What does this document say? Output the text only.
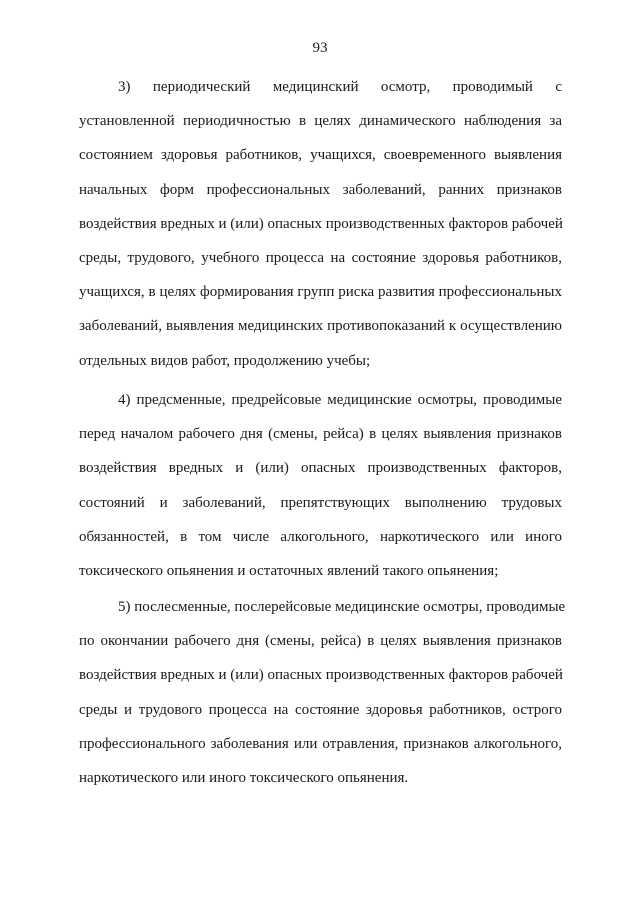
93
3) периодический медицинский осмотр, проводимый с
установленной периодичностью в целях динамического наблюдения за
состоянием здоровья работников, учащихся, своевременного выявления
начальных форм профессиональных заболеваний, ранних признаков
воздействия вредных и (или) опасных производственных факторов рабочей
среды, трудового, учебного процесса на состояние здоровья работников,
учащихся, в целях формирования групп риска развития профессиональных
заболеваний, выявления медицинских противопоказаний к осуществлению
отдельных видов работ, продолжению учебы;
4) предсменные, предрейсовые медицинские осмотры, проводимые
перед началом рабочего дня (смены, рейса) в целях выявления признаков
воздействия вредных и (или) опасных производственных факторов,
состояний и заболеваний, препятствующих выполнению трудовых
обязанностей, в том числе алкогольного, наркотического или иного
токсического опьянения и остаточных явлений такого опьянения;
5) послесменные, послерейсовые медицинские осмотры, проводимые
по окончании рабочего дня (смены, рейса) в целях выявления признаков
воздействия вредных и (или) опасных производственных факторов рабочей
среды и трудового процесса на состояние здоровья работников, острого
профессионального заболевания или отравления, признаков алкогольного,
наркотического или иного токсического опьянения.
